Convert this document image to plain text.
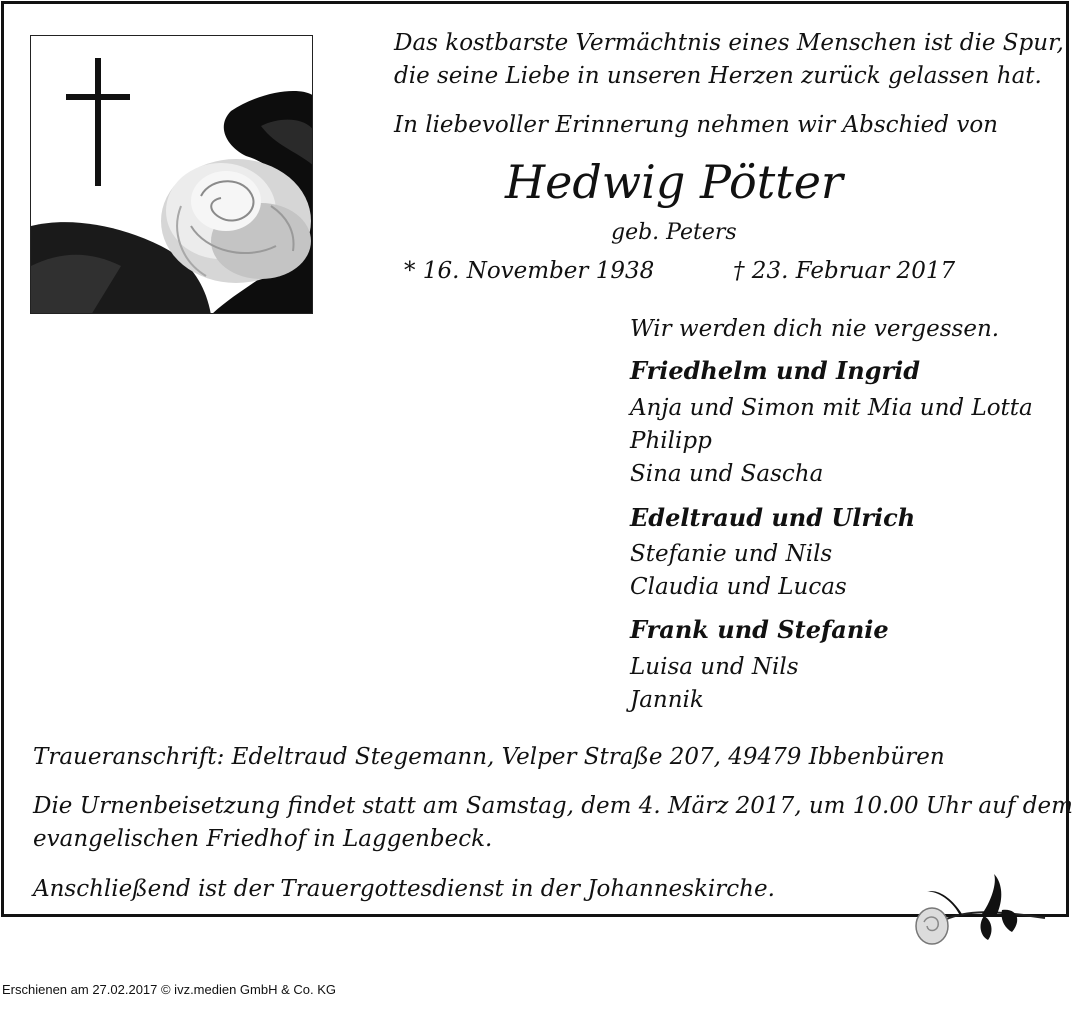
Das kostbarste Vermächtnis eines Menschen ist die Spur,
die seine Liebe in unseren Herzen zurück gelassen hat.
In liebevoller Erinnerung nehmen wir Abschied von
Hedwig Pötter
geb. Peters
* 16. November 1938	† 23. Februar 2017
Wir werden dich nie vergessen.
Friedhelm und Ingrid
Anja und Simon mit Mia und Lotta
Philipp
Sina und Sascha
Edeltraud und Ulrich
Stefanie und Nils
Claudia und Lucas
Frank und Stefanie
Luisa und Nils
Jannik
Traueranschrift: Edeltraud Stegemann, Velper Straße 207, 49479 Ibbenbüren
Die Urnenbeisetzung findet statt am Samstag, dem 4. März 2017, um 10.00 Uhr auf dem
evangelischen Friedhof in Laggenbeck.
Anschließend ist der Trauergottesdienst in der Johanneskirche.
Erschienen am 27.02.2017 © ivz.medien GmbH & Co. KG
